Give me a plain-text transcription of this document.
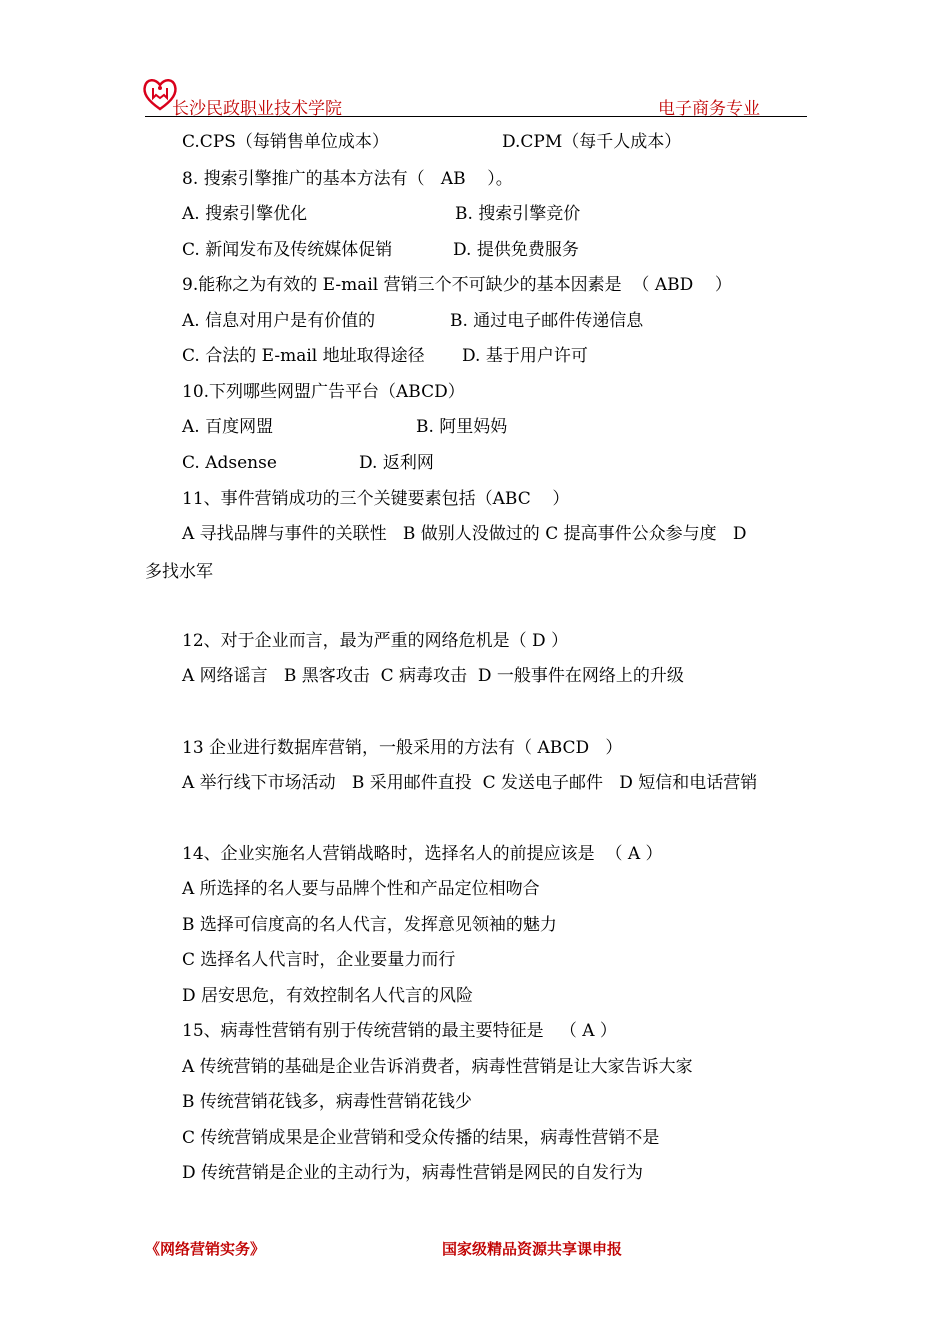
长沙民政职业技术学院	电子商务专业
C.CPS（每销售单位成本）	D.CPM（每千人成本）
8. 搜索引擎推广的基本方法有（   AB    ）。
A. 搜索引擎优化	B. 搜索引擎竞价
C. 新闻发布及传统媒体促销	D. 提供免费服务
9.能称之为有效的 E-mail 营销三个不可缺少的基本因素是  （ ABD    ）
A. 信息对用户是有价值的	B. 通过电子邮件传递信息
C. 合法的 E-mail 地址取得途径 D. 基于用户许可
10.下列哪些网盟广告平台（ABCD）
A. 百度网盟	B. 阿里妈妈
C. Adsense	D. 返利网
11、事件营销成功的三个关键要素包括（ABC    ）
A 寻找品牌与事件的关联性   B 做别人没做过的 C 提高事件公众参与度   D
多找水军
12、对于企业而言，最为严重的网络危机是（ D ）
A 网络谣言   B 黑客攻击  C 病毒攻击  D 一般事件在网络上的升级
13 企业进行数据库营销，一般采用的方法有（ ABCD   ）
A 举行线下市场活动   B 采用邮件直投  C 发送电子邮件   D 短信和电话营销
14、企业实施名人营销战略时，选择名人的前提应该是  （ A ）
A 所选择的名人要与品牌个性和产品定位相吻合
B 选择可信度高的名人代言，发挥意见领袖的魅力
C 选择名人代言时，企业要量力而行
D 居安思危，有效控制名人代言的风险
15、病毒性营销有别于传统营销的最主要特征是   （ A ）
A 传统营销的基础是企业告诉消费者，病毒性营销是让大家告诉大家
B 传统营销花钱多，病毒性营销花钱少
C 传统营销成果是企业营销和受众传播的结果，病毒性营销不是
D 传统营销是企业的主动行为，病毒性营销是网民的自发行为
《网络营销实务》	国家级精品资源共享课申报
